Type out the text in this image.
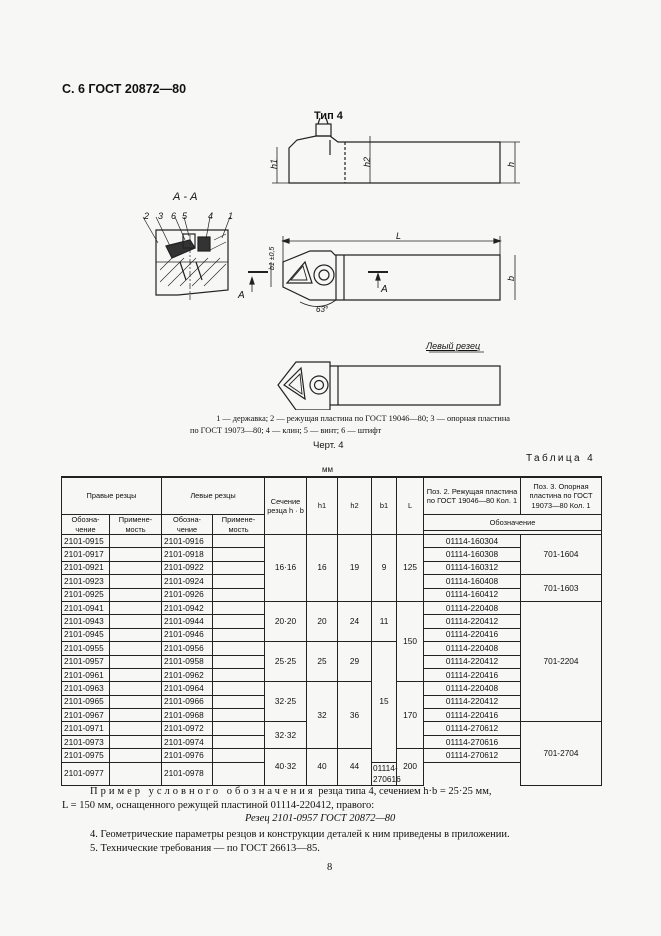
С. 6 ГОСТ 20872—80
Тип 4
А - А
2 3 6 5 4 1
L
h
h1	h2
b
b1 ±0,5
63°
А
А
Левый резец
1 — державка; 2 — режущая пластина по ГОСТ 19046—80; 3 — опорная пластина
по ГОСТ 19073—80; 4 — клин; 5 — винт; 6 — штифт
Черт. 4
Таблица 4
мм
Правые резцы		Левые резцы		Сечение резца h · b	h1	h2	b1	L	Поз. 2. Режущая пластина по ГОСТ 19046—80 Кол. 1	Поз. 3. Опорная пластина по ГОСТ 19073—80 Кол. 1
Обозна-чение	Примене-мость	Обозна-чение	Примене-мость						Обозначение	

2101-0915		2101-0916		16·16	16	19	9	125	01114-160304	701-1604
2101-0917		2101-0918							01114-160308	
2101-0921		2101-0922							01114-160312	
2101-0923		2101-0924							01114-160408	701-1603
2101-0925		2101-0926							01114-160412	
2101-0941		2101-0942		20·20	20	24	11	150	01114-220408	701-2204
2101-0943		2101-0944							01114-220412	
2101-0945		2101-0946							01114-220416	
2101-0955		2101-0956		25·25	25	29	15		01114-220408	
2101-0957		2101-0958							01114-220412	
2101-0961		2101-0962							01114-220416	
2101-0963		2101-0964		32·25	32	36		170	01114-220408	
2101-0965		2101-0966							01114-220412	
2101-0967		2101-0968							01114-220416	
2101-0971		2101-0972		32·32					01114-270612	701-2704
2101-0973		2101-0974							01114-270616	
2101-0975		2101-0976		40·32	40	44		200	01114-270612	
2101-0977		2101-0978					01114-270616			
Пример условного обозначения резца типа 4, сечением h·b = 25·25 мм,
L = 150 мм, оснащенного режущей пластиной 01114-220412, правого:
Резец 2101-0957 ГОСТ 20872—80
4. Геометрические параметры резцов и конструкции деталей к ним приведены в приложении.
5. Технические требования — по ГОСТ 26613—85.
8
